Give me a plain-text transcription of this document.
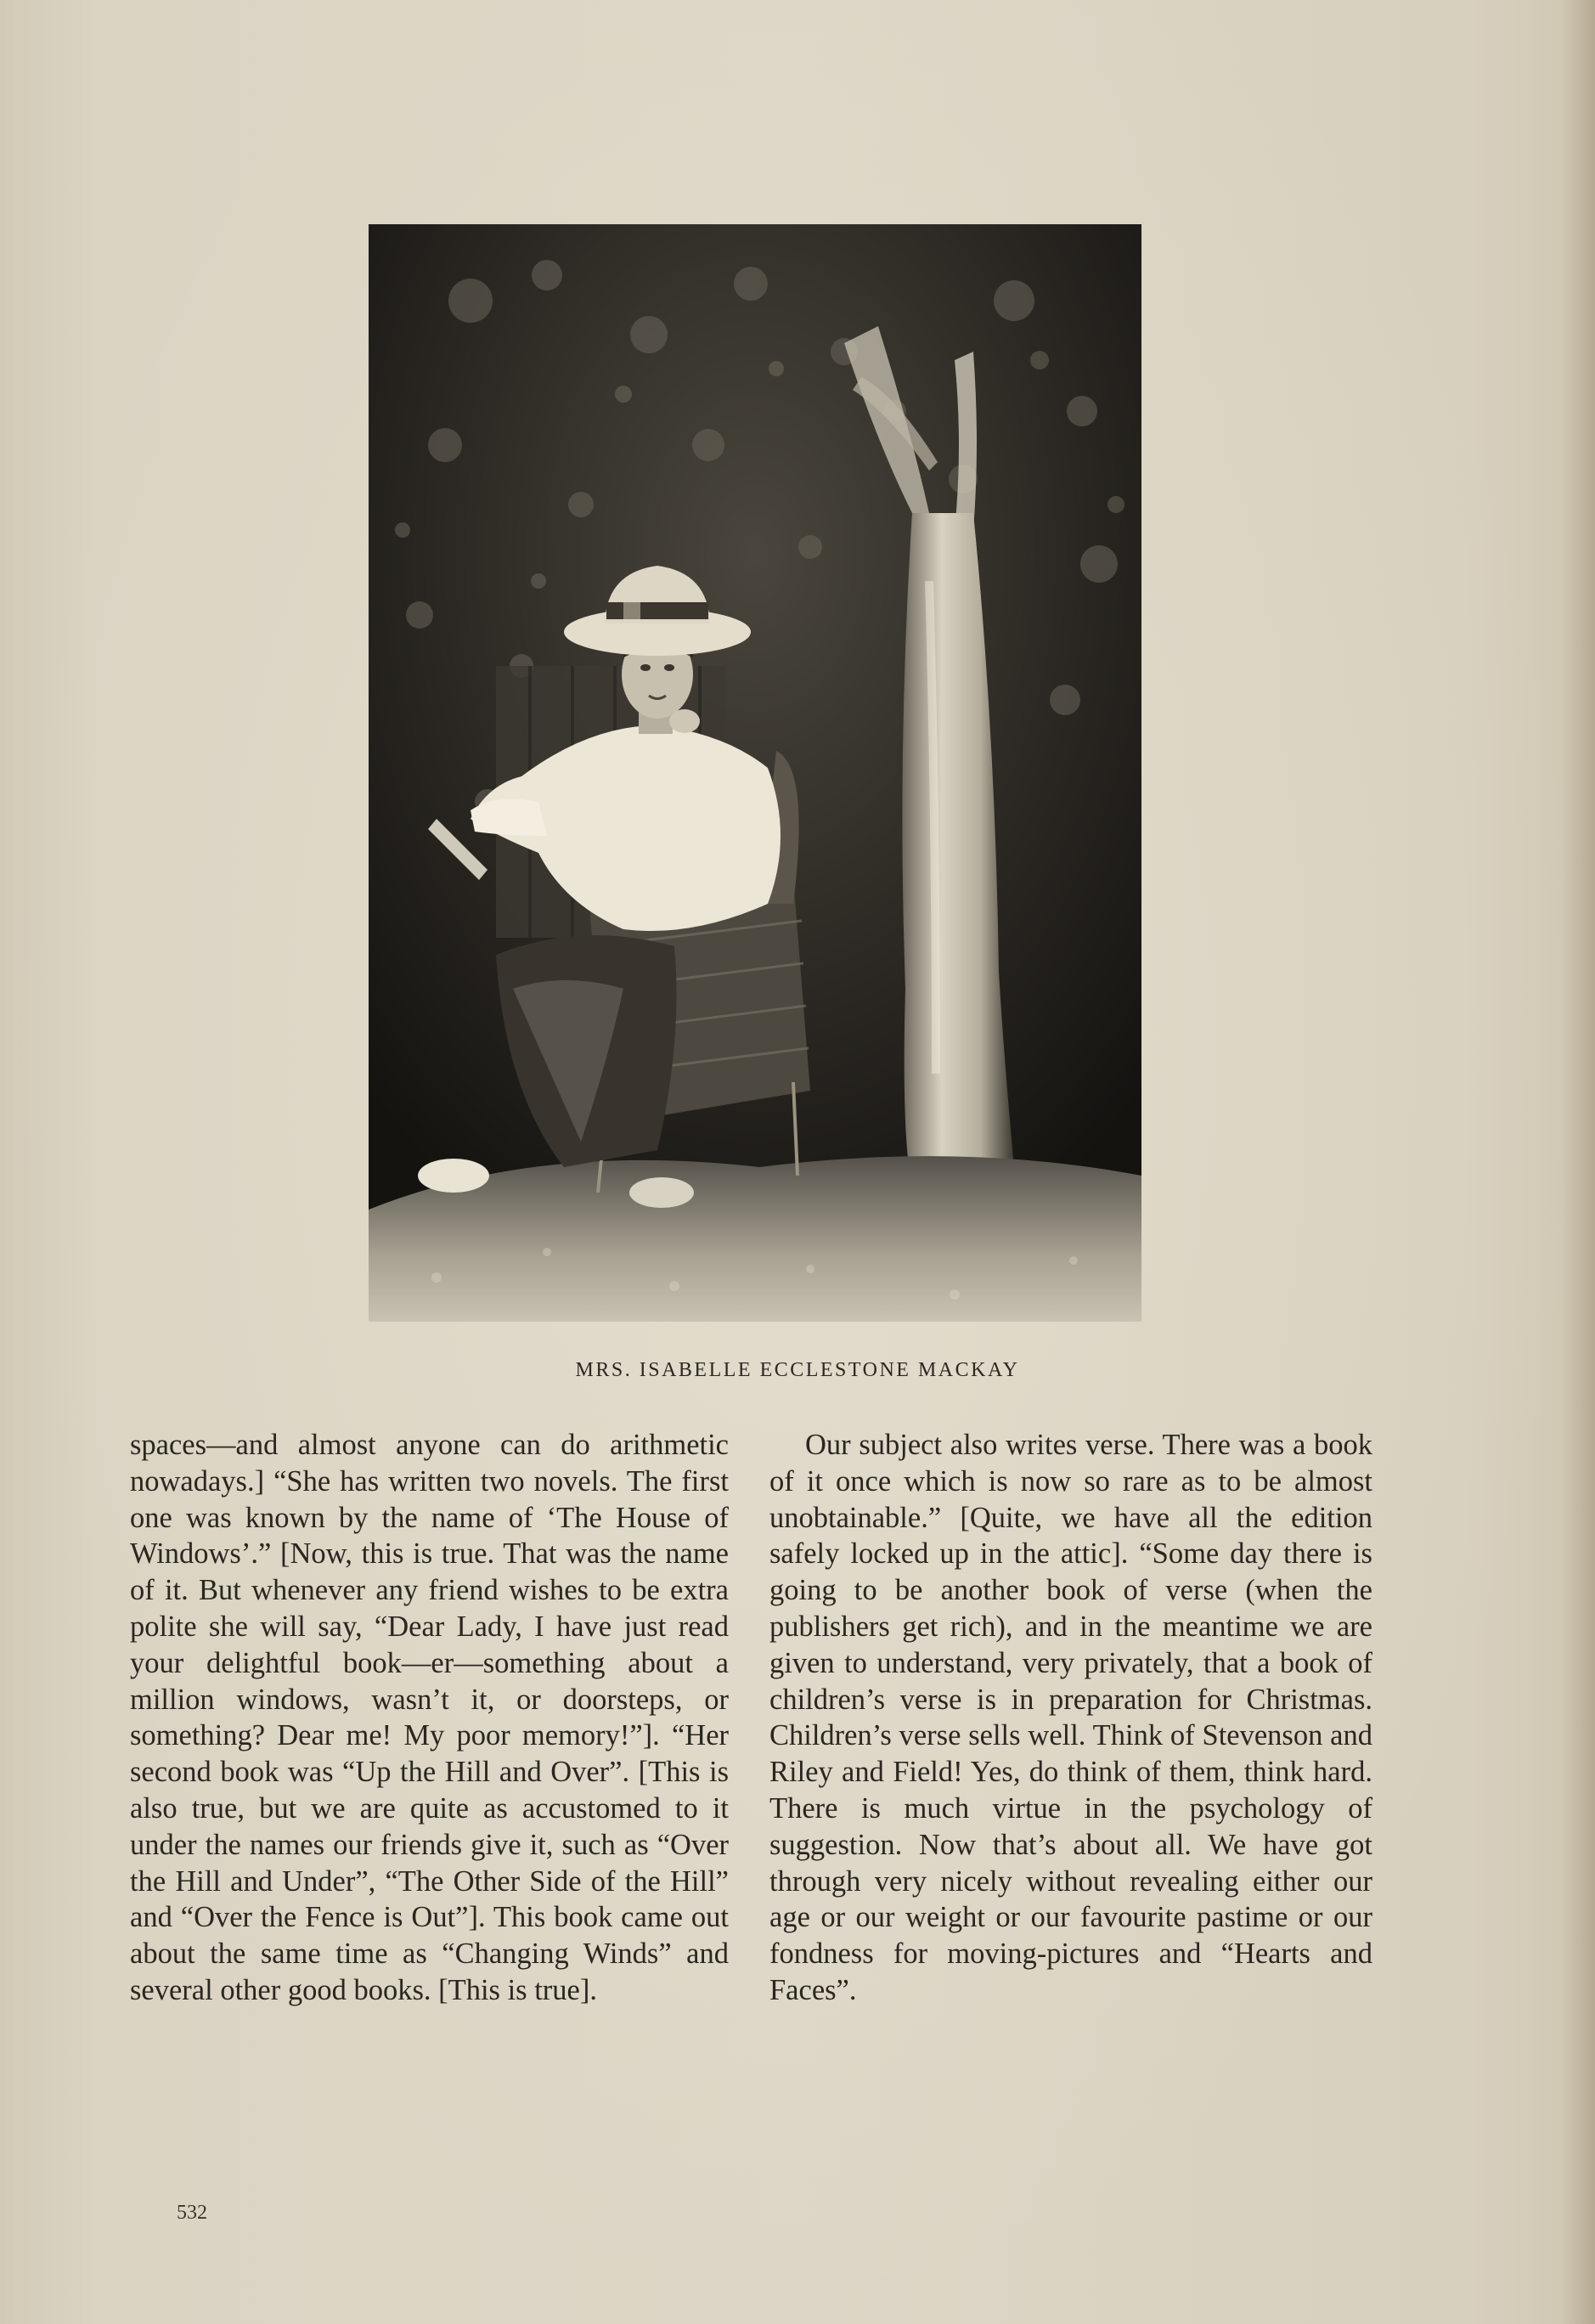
MRS. ISABELLE ECCLESTONE MACKAY

spaces—and almost anyone can do arithmetic nowadays.] “She has written two novels. The first one was known by the name of ‘The House of Windows’.” [Now, this is true. That was the name of it. But whenever any friend wishes to be extra polite she will say, “Dear Lady, I have just read your delightful book—er—something about a million windows, wasn’t it, or doorsteps, or something? Dear me! My poor memory!”]. “Her second book was “Up the Hill and Over”. [This is also true, but we are quite as accustomed to it under the names our friends give it, such as “Over the Hill and Under”, “The Other Side of the Hill” and “Over the Fence is Out”]. This book came out about the same time as “Changing Winds” and several other good books. [This is true].

Our subject also writes verse. There was a book of it once which is now so rare as to be almost unobtainable.” [Quite, we have all the edition safely locked up in the attic]. “Some day there is going to be another book of verse (when the publishers get rich), and in the meantime we are given to understand, very privately, that a book of children’s verse is in preparation for Christmas. Children’s verse sells well. Think of Stevenson and Riley and Field! Yes, do think of them, think hard. There is much virtue in the psychology of suggestion. Now that’s about all. We have got through very nicely without revealing either our age or our weight or our favourite pastime or our fondness for moving-pictures and “Hearts and Faces”.

532
